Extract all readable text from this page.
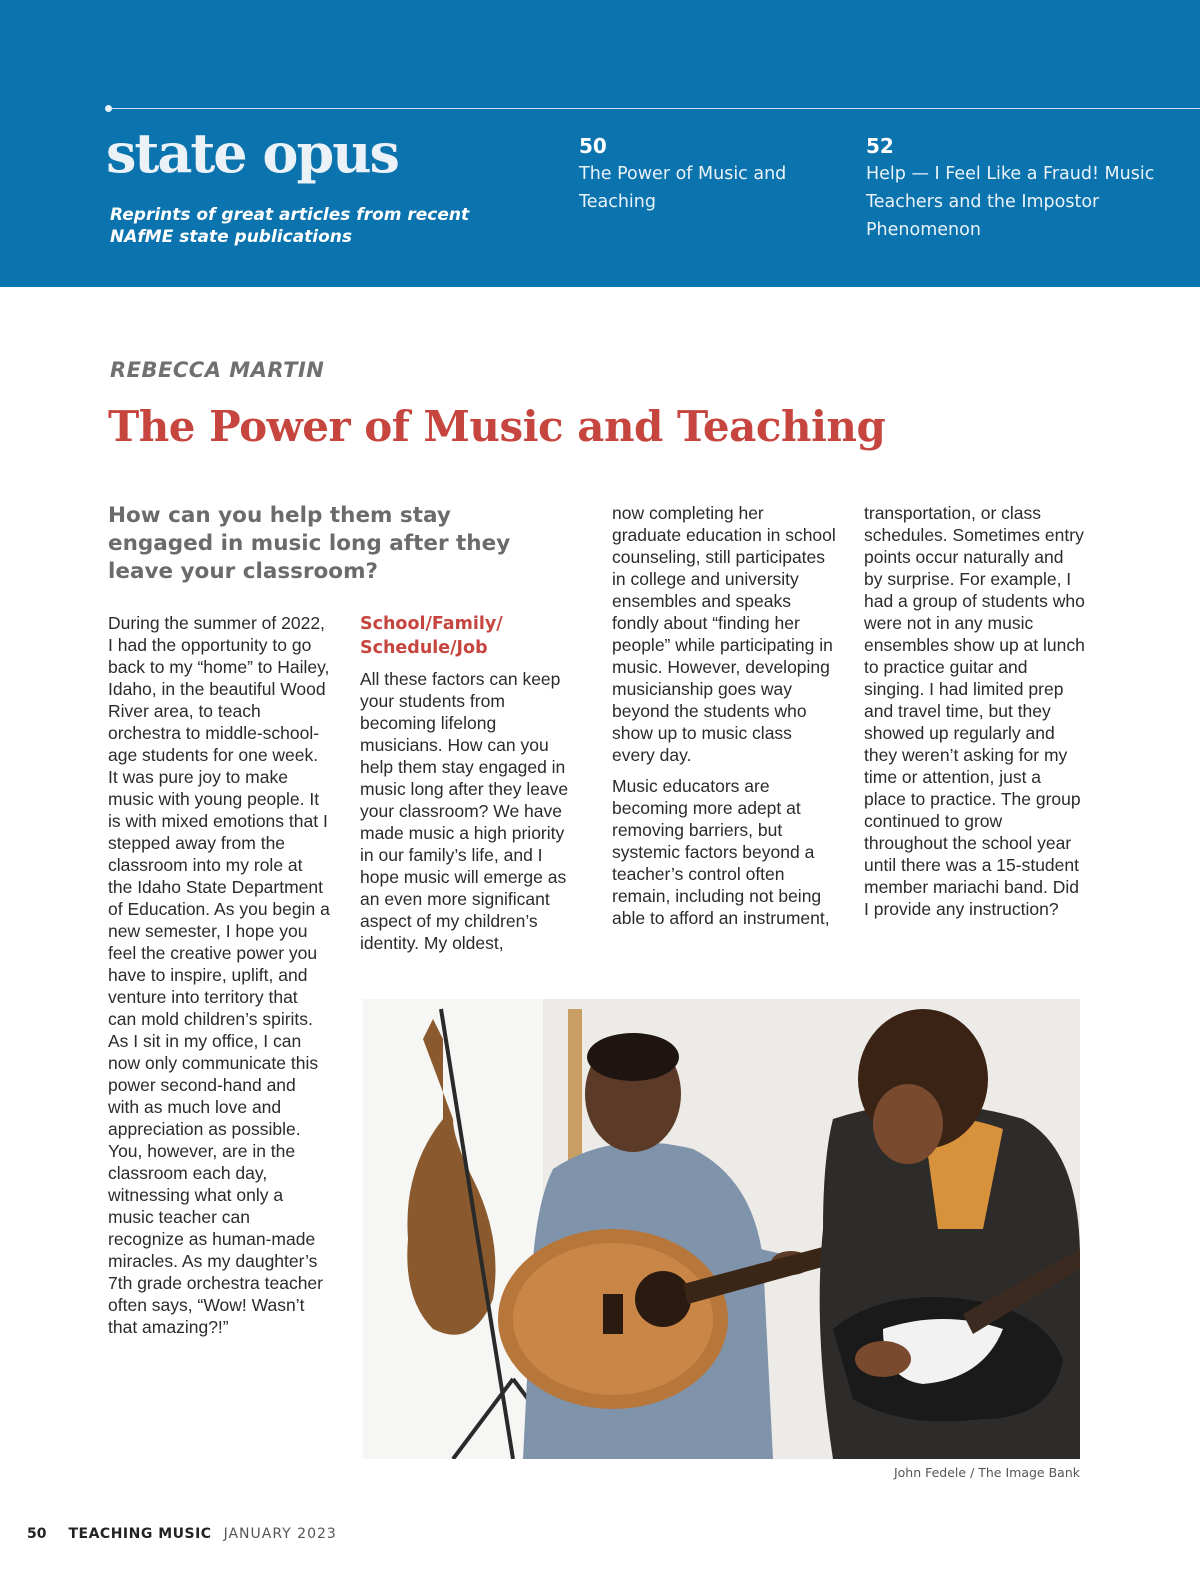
state opus

Reprints of great articles from recent NAfME state publications

50
The Power of Music and Teaching
52
Help — I Feel Like a Fraud! Music Teachers and the Impostor Phenomenon

REBECCA MARTIN

The Power of Music and Teaching

How can you help them stay engaged in music long after they leave your classroom?

During the summer of 2022, I had the opportunity to go back to my “home” to Hailey, Idaho, in the beautiful Wood River area, to teach orchestra to middle-school-age students for one week. It was pure joy to make music with young people. It is with mixed emotions that I stepped away from the classroom into my role at the Idaho State Department of Education. As you begin a new semester, I hope you feel the creative power you have to inspire, uplift, and venture into territory that can mold children’s spirits. As I sit in my office, I can now only communicate this power second-hand and with as much love and appreciation as possible. You, however, are in the classroom each day, witnessing what only a music teacher can recognize as human-made miracles. As my daughter’s 7th grade orchestra teacher often says, “Wow! Wasn’t that amazing?!”

School/Family/ Schedule/Job

All these factors can keep your students from becoming lifelong musicians. How can you help them stay engaged in music long after they leave your classroom? We have made music a high priority in our family’s life, and I hope music will emerge as an even more significant aspect of my children’s identity. My oldest,

now completing her graduate education in school counseling, still participates in college and university ensembles and speaks fondly about “finding her people” while participating in music. However, developing musicianship goes way beyond the students who show up to music class every day.

Music educators are becoming more adept at removing barriers, but systemic factors beyond a teacher’s control often remain, including not being able to afford an instrument,

transportation, or class schedules. Sometimes entry points occur naturally and by surprise. For example, I had a group of students who were not in any music ensembles show up at lunch to practice guitar and singing. I had limited prep and travel time, but they showed up regularly and they weren’t asking for my time or attention, just a place to practice. The group continued to grow throughout the school year until there was a 15-student member mariachi band. Did I provide any instruction?

John Fedele / The Image Bank

50 TEACHING MUSIC JANUARY 2023
